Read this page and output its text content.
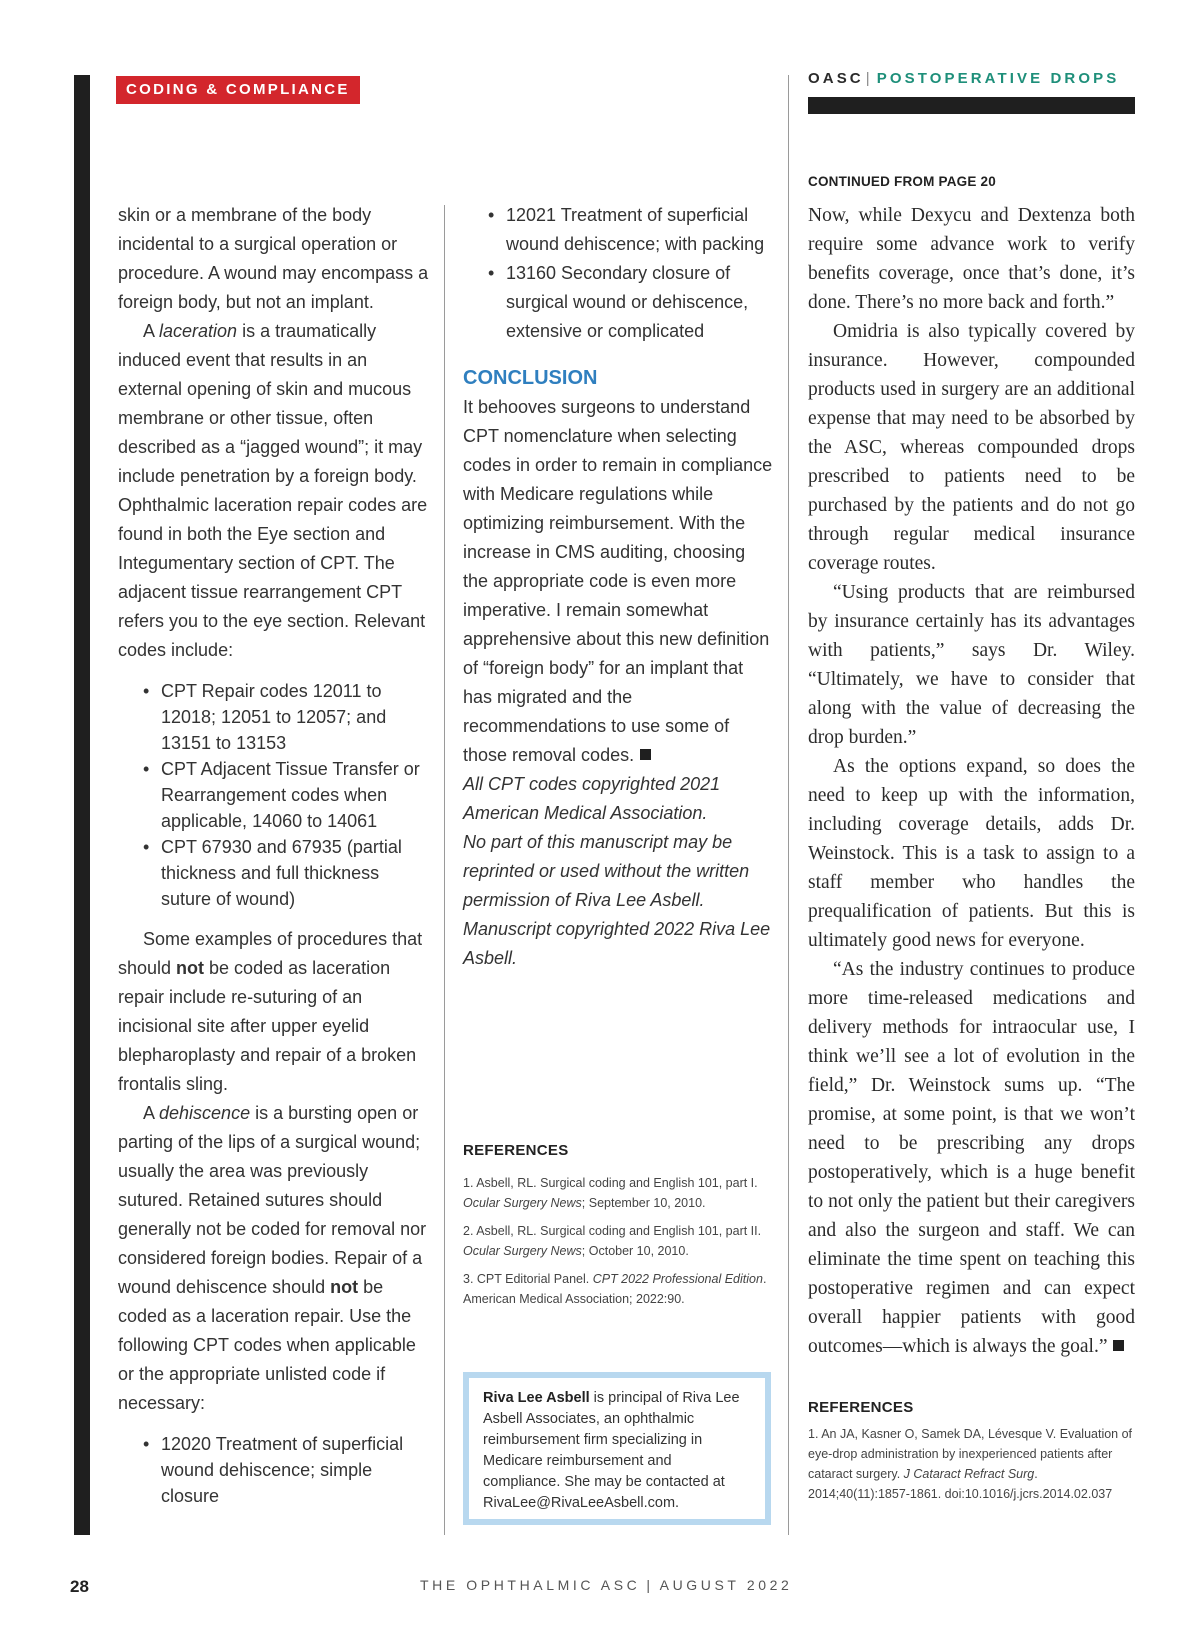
CODING & COMPLIANCE
OASC | POSTOPERATIVE DROPS

skin or a membrane of the body incidental to a surgical operation or procedure. A wound may encompass a foreign body, but not an implant.

A laceration is a traumatically induced event that results in an external opening of skin and mucous membrane or other tissue, often described as a “jagged wound”; it may include penetration by a foreign body. Ophthalmic laceration repair codes are found in both the Eye section and Integumentary section of CPT. The adjacent tissue rearrangement CPT refers you to the eye section. Relevant codes include:

• CPT Repair codes 12011 to 12018; 12051 to 12057; and 13151 to 13153
• CPT Adjacent Tissue Transfer or Rearrangement codes when applicable, 14060 to 14061
• CPT 67930 and 67935 (partial thickness and full thickness suture of wound)

Some examples of procedures that should not be coded as laceration repair include re-suturing of an incisional site after upper eyelid blepharoplasty and repair of a broken frontalis sling.

A dehiscence is a bursting open or parting of the lips of a surgical wound; usually the area was previously sutured. Retained sutures should generally not be coded for removal nor considered foreign bodies. Repair of a wound dehiscence should not be coded as a laceration repair. Use the following CPT codes when applicable or the appropriate unlisted code if necessary:

• 12020 Treatment of superficial wound dehiscence; simple closure
• 12021 Treatment of superficial wound dehiscence; with packing
• 13160 Secondary closure of surgical wound or dehiscence, extensive or complicated
CONCLUSION

It behooves surgeons to understand CPT nomenclature when selecting codes in order to remain in compliance with Medicare regulations while optimizing reimbursement. With the increase in CMS auditing, choosing the appropriate code is even more imperative. I remain somewhat apprehensive about this new definition of “foreign body” for an implant that has migrated and the recommendations to use some of those removal codes.

All CPT codes copyrighted 2021 American Medical Association.

No part of this manuscript may be reprinted or used without the written permission of Riva Lee Asbell. Manuscript copyrighted 2022 Riva Lee Asbell.

REFERENCES
1. Asbell, RL. Surgical coding and English 101, part I. Ocular Surgery News; September 10, 2010.
2. Asbell, RL. Surgical coding and English 101, part II. Ocular Surgery News; October 10, 2010.
3. CPT Editorial Panel. CPT 2022 Professional Edition. American Medical Association; 2022:90.
Riva Lee Asbell is principal of Riva Lee Asbell Associates, an ophthalmic reimbursement firm specializing in Medicare reimbursement and compliance. She may be contacted at RivaLee@RivaLeeAsbell.com.
CONTINUED FROM PAGE 20

Now, while Dexycu and Dextenza both require some advance work to verify benefits coverage, once that’s done, it’s done. There’s no more back and forth.”

Omidria is also typically covered by insurance. However, compounded products used in surgery are an additional expense that may need to be absorbed by the ASC, whereas compounded drops prescribed to patients need to be purchased by the patients and do not go through regular medical insurance coverage routes.

“Using products that are reimbursed by insurance certainly has its advantages with patients,” says Dr. Wiley. “Ultimately, we have to consider that along with the value of decreasing the drop burden.”

As the options expand, so does the need to keep up with the information, including coverage details, adds Dr. Weinstock. This is a task to assign to a staff member who handles the prequalification of patients. But this is ultimately good news for everyone.

“As the industry continues to produce more time-released medications and delivery methods for intraocular use, I think we’ll see a lot of evolution in the field,” Dr. Weinstock sums up. “The promise, at some point, is that we won’t need to be prescribing any drops postoperatively, which is a huge benefit to not only the patient but their caregivers and also the surgeon and staff. We can eliminate the time spent on teaching this postoperative regimen and can expect overall happier patients with good outcomes—which is always the goal.”

REFERENCES
1. An JA, Kasner O, Samek DA, Lévesque V. Evaluation of eye-drop administration by inexperienced patients after cataract surgery. J Cataract Refract Surg. 2014;40(11):1857-1861. doi:10.1016/j.jcrs.2014.02.037
28	THE OPHTHALMIC ASC | AUGUST 2022
